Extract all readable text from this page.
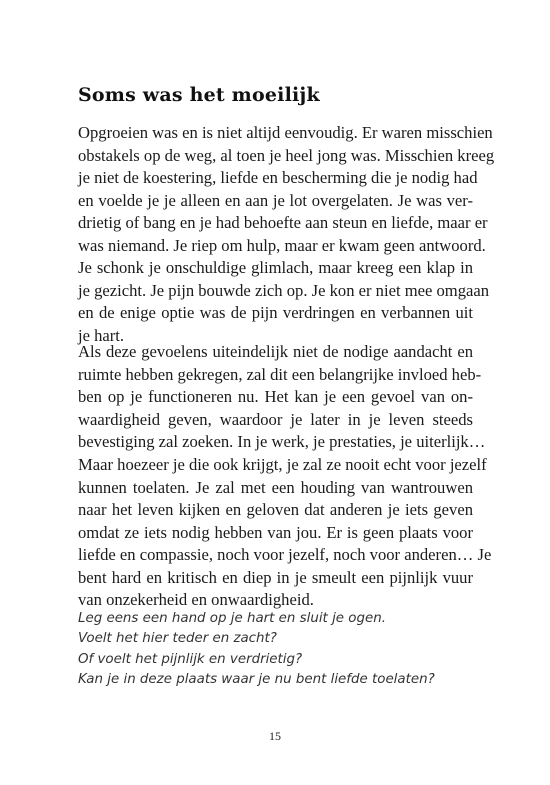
Soms was het moeilijk

Opgroeien was en is niet altijd eenvoudig. Er waren misschien
obstakels op de weg, al toen je heel jong was. Misschien kreeg
je niet de koestering, liefde en bescherming die je nodig had
en voelde je je alleen en aan je lot overgelaten. Je was ver-
drietig of bang en je had behoefte aan steun en liefde, maar er
was niemand. Je riep om hulp, maar er kwam geen antwoord.
Je schonk je onschuldige glimlach, maar kreeg een klap in
je gezicht. Je pijn bouwde zich op. Je kon er niet mee omgaan
en de enige optie was de pijn verdringen en verbannen uit
je hart.

Als deze gevoelens uiteindelijk niet de nodige aandacht en
ruimte hebben gekregen, zal dit een belangrijke invloed heb-
ben op je functioneren nu. Het kan je een gevoel van on-
waardigheid geven, waardoor je later in je leven steeds
bevestiging zal zoeken. In je werk, je prestaties, je uiterlijk…

Maar hoezeer je die ook krijgt, je zal ze nooit echt voor jezelf
kunnen toelaten. Je zal met een houding van wantrouwen
naar het leven kijken en geloven dat anderen je iets geven
omdat ze iets nodig hebben van jou. Er is geen plaats voor
liefde en compassie, noch voor jezelf, noch voor anderen… Je
bent hard en kritisch en diep in je smeult een pijnlijk vuur
van onzekerheid en onwaardigheid.

Leg eens een hand op je hart en sluit je ogen.
Voelt het hier teder en zacht?
Of voelt het pijnlijk en verdrietig?
Kan je in deze plaats waar je nu bent liefde toelaten?
15
